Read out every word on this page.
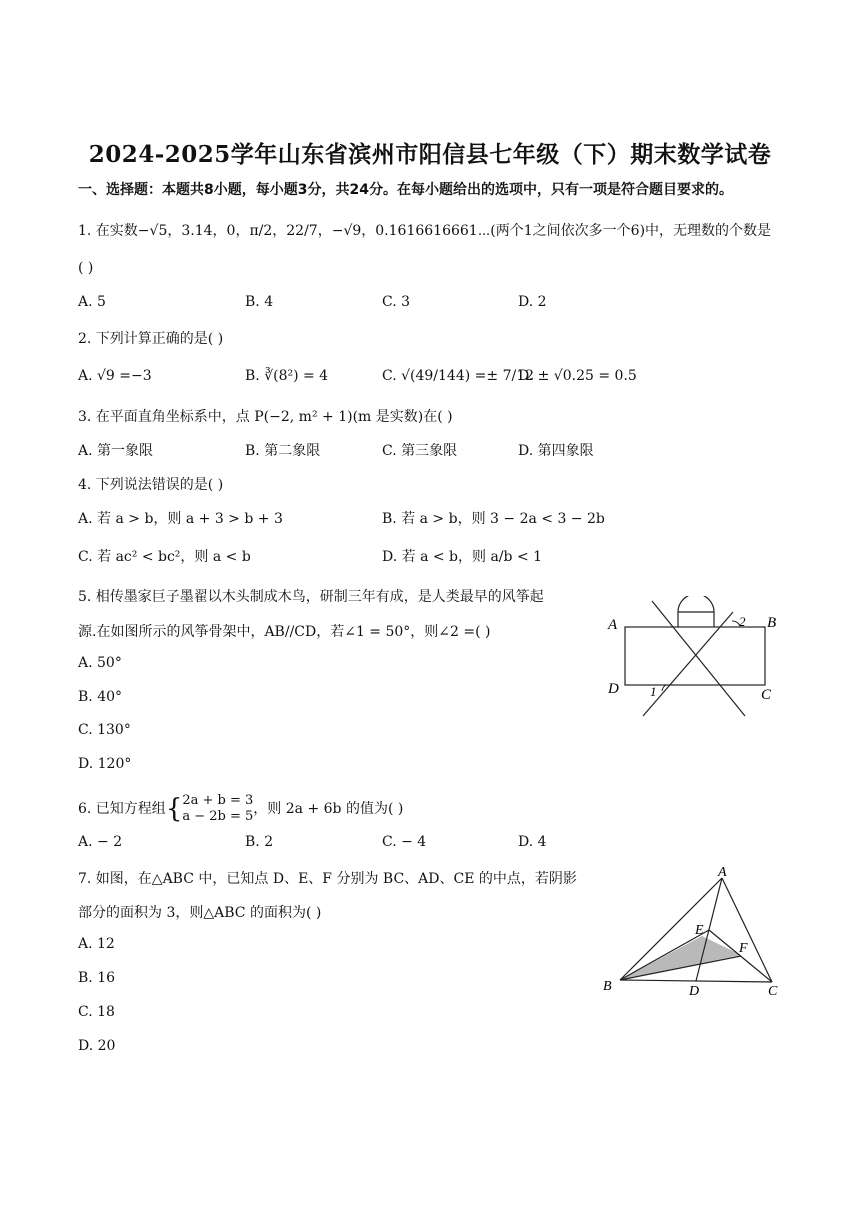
2024-2025学年山东省滨州市阳信县七年级（下）期末数学试卷
一、选择题：本题共8小题，每小题3分，共24分。在每小题给出的选项中，只有一项是符合题目要求的。
1. 在实数−√5，3.14，0，π/2，22/7，−√9，0.1616616661⋯(两个1之间依次多一个6)中，无理数的个数是
( )
A. 5	B. 4	C. 3	D. 2
2. 下列计算正确的是( )
A. √9 =−3	B. ∛(8²) = 4	C. √(49/144) =± 7/12
D. ± √0.25 = 0.5
3. 在平面直角坐标系中，点 P(−2, m² + 1)(m 是实数)在( )
A. 第一象限	B. 第二象限	C. 第三象限	D. 第四象限
4. 下列说法错误的是( )
A. 若 a > b，则 a + 3 > b + 3	B. 若 a > b，则 3 − 2a < 3 − 2b
C. 若 ac² < bc²，则 a < b	D. 若 a < b，则 a/b < 1
5. 相传墨家巨子墨翟以木头制成木鸟，研制三年有成，是人类最早的风筝起
源.在如图所示的风筝骨架中，AB//CD，若∠1 = 50°，则∠2 =( )
A. 50°
B. 40°
C. 130°
D. 120°
A	B
C
D 1
2
6. 已知方程组{ 2a + b = 3
a − 2b = 5 ，则 2a + 6b 的值为( )
A. − 2	B. 2	C. − 4	D. 4
7. 如图，在△ABC 中，已知点 D、E、F 分别为 BC、AD、CE 的中点，若阴影
部分的面积为 3，则△ABC 的面积为( )
A. 12
B. 16
C. 18
D. 20
A
B	C
D
E
F
